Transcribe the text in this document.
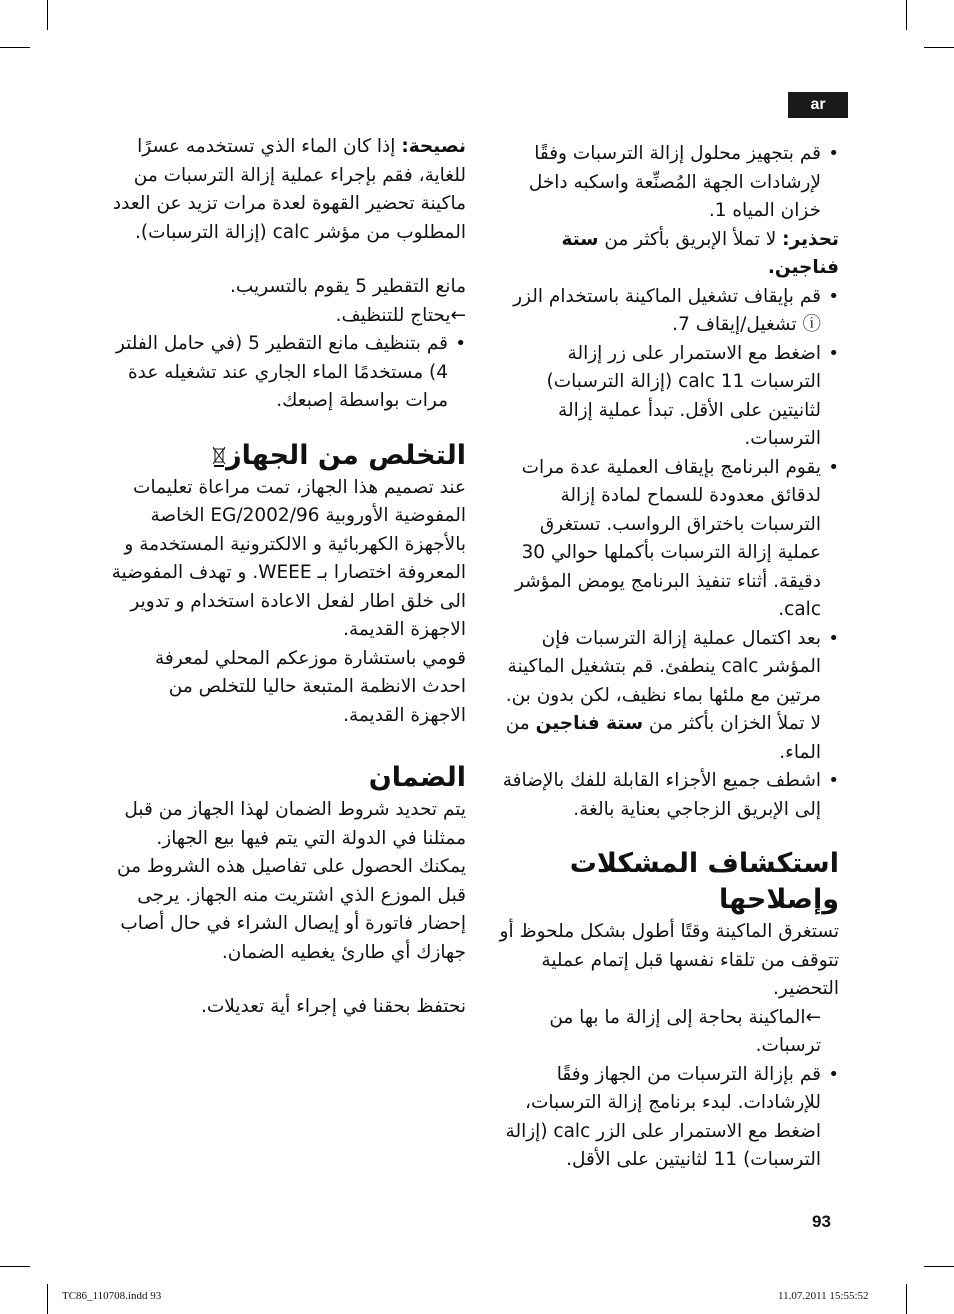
ar

• قم بتجهيز محلول إزالة الترسبات وفقًا لإرشادات الجهة المُصنِّعة واسكبه داخل خزان المياه 1.

تحذير: لا تملأ الإبريق بأكثر من ستة فناجين.

• قم بإيقاف تشغيل الماكينة باستخدام الزر ⓘ تشغيل/إيقاف 7.

• اضغط مع الاستمرار على زر إزالة الترسبات calc 11 (إزالة الترسبات) لثانيتين على الأقل. تبدأ عملية إزالة الترسبات.

• يقوم البرنامج بإيقاف العملية عدة مرات لدقائق معدودة للسماح لمادة إزالة الترسبات باختراق الرواسب. تستغرق عملية إزالة الترسبات بأكملها حوالي 30 دقيقة. أثناء تنفيذ البرنامج يومض المؤشر calc.

• بعد اكتمال عملية إزالة الترسبات فإن المؤشر calc ينطفئ. قم بتشغيل الماكينة مرتين مع ملئها بماء نظيف، لكن بدون بن. لا تملأ الخزان بأكثر من ستة فناجين من الماء.

• اشطف جميع الأجزاء القابلة للفك بالإضافة إلى الإبريق الزجاجي بعناية بالغة.

استكشاف المشكلات وإصلاحها

تستغرق الماكينة وقتًا أطول بشكل ملحوظ أو تتوقف من تلقاء نفسها قبل إتمام عملية التحضير.

←الماكينة بحاجة إلى إزالة ما بها من ترسبات.

• قم بإزالة الترسبات من الجهاز وفقًا للإرشادات. لبدء برنامج إزالة الترسبات، اضغط مع الاستمرار على الزر calc (إزالة الترسبات) 11 لثانيتين على الأقل.

نصيحة: إذا كان الماء الذي تستخدمه عسرًا للغاية، فقم بإجراء عملية إزالة الترسبات من ماكينة تحضير القهوة لعدة مرات تزيد عن العدد المطلوب من مؤشر calc (إزالة الترسبات).

مانع التقطير 5 يقوم بالتسريب.

←يحتاج للتنظيف.

• قم بتنظيف مانع التقطير 5 (في حامل الفلتر 4) مستخدمًا الماء الجاري عند تشغيله عدة مرات بواسطة إصبعك.

التخلص من الجهاز

عند تصميم هذا الجهاز، تمت مراعاة تعليمات المفوضية الأوروبية 2002/96/EG الخاصة بالأجهزة الكهربائية و الالكترونية المستخدمة و المعروفة اختصارا بـ WEEE. و تهدف المفوضية الى خلق اطار لفعل الاعادة استخدام و تدوير الاجهزة القديمة.

قومي باستشارة موزعكم المحلي لمعرفة احدث الانظمة المتبعة حاليا للتخلص من الاجهزة القديمة.

الضمان

يتم تحديد شروط الضمان لهذا الجهاز من قبل ممثلنا في الدولة التي يتم فيها بيع الجهاز. يمكنك الحصول على تفاصيل هذه الشروط من قبل الموزع الذي اشتريت منه الجهاز. يرجى إحضار فاتورة أو إيصال الشراء في حال أصاب جهازك أي طارئ يغطيه الضمان.

نحتفظ بحقنا في إجراء أية تعديلات.

93
TC86_110708.indd 93	11.07.2011 15:55:52
